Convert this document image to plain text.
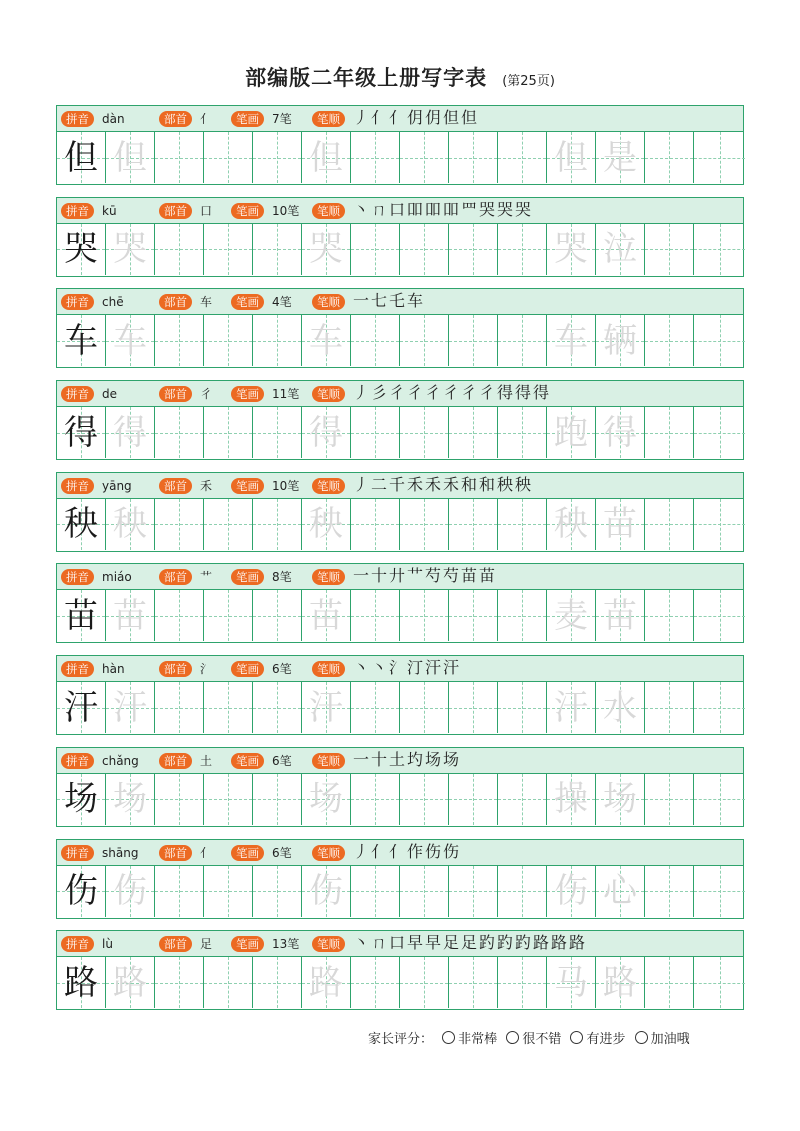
部编版二年级上册写字表 (第25页)
拼音	dàn	部首	亻	笔画	7笔	笔顺 丿亻亻仴仴但但
但 但	但	但 是
拼音	kū	部首	口	笔画	10笔	笔顺 丶ㄇ口吅吅吅罒哭哭哭
哭 哭	哭	哭 泣
拼音	chē	部首	车	笔画	4笔	笔顺 一七乇车
车 车	车	车 辆
拼音	de	部首	彳	笔画	11笔	笔顺 丿彡彳彳彳彳彳彳得得得
得 得	得	跑 得
拼音	yāng	部首	禾	笔画	10笔	笔顺 丿二千禾禾禾和和秧秧
秧 秧	秧	秧 苗
拼音	miáo	部首	艹	笔画	8笔	笔顺 一十廾艹芍芍苗苗
苗 苗	苗	麦 苗
拼音	hàn	部首	氵	笔画	6笔	笔顺 丶丶氵汀汗汗
汗 汗	汗	汗 水
拼音	chǎng	部首	土	笔画	6笔	笔顺 一十土圴场场
场 场	场	操 场
拼音	shāng	部首	亻	笔画	6笔	笔顺 丿亻亻作伤伤
伤 伤	伤	伤 心
拼音	lù	部首	足	笔画	13笔	笔顺 丶ㄇ口早早足足趵趵趵路路路
路 路	路	马 路
家长评分： 非常棒 很不错 有进步 加油哦
